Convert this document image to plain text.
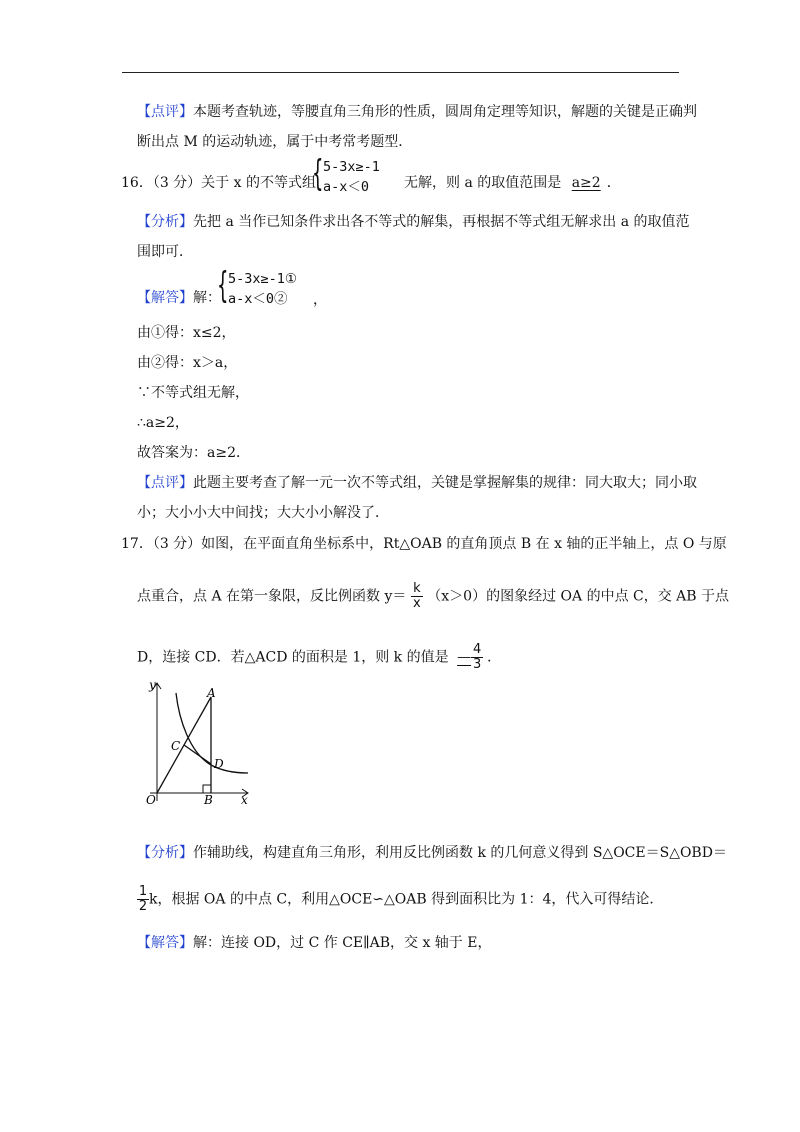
【点评】本题考查轨迹，等腰直角三角形的性质，圆周角定理等知识，解题的关键是正确判
断出点 M 的运动轨迹，属于中考常考题型．
16．（3 分）关于 x 的不等式组
{ 5-3x≥-1
a-x＜0 无解，则 a 的取值范围是 a≥2 ．
【分析】先把 a 当作已知条件求出各不等式的解集，再根据不等式组无解求出 a 的取值范
围即可．
【解答】解：
{ 5-3x≥-1①
a-x＜0② ，
由①得：x≤2，
由②得：x＞a，
∵不等式组无解，
∴a≥2，
故答案为：a≥2．
【点评】此题主要考查了解一元一次不等式组，关键是掌握解集的规律：同大取大；同小取
小；大小小大中间找；大大小小解没了．
17．（3 分）如图，在平面直角坐标系中，Rt△OAB 的直角顶点 B 在 x 轴的正半轴上，点 O 与原
点重合，点 A 在第一象限，反比例函数 $y= \frac{k}{x} (x>0)$的图象经过 OA 的中点 C，交 AB 于点
D，连接 CD．若△ACD 的面积是 1，则 k 的值是 — $\frac{4}{3}$ ．
y
A
C
D
O	B x
【分析】作辅助线，构建直角三角形，利用反比例函数 k 的几何意义得到 S△OCE＝S△OBD＝
$\frac{1}{2}$ k，根据 OA 的中点 C，利用△OCE∽△OAB 得到面积比为 1：4，代入可得结论．
【解答】解：连接 OD，过 C 作 CE∥AB，交 x 轴于 E，
